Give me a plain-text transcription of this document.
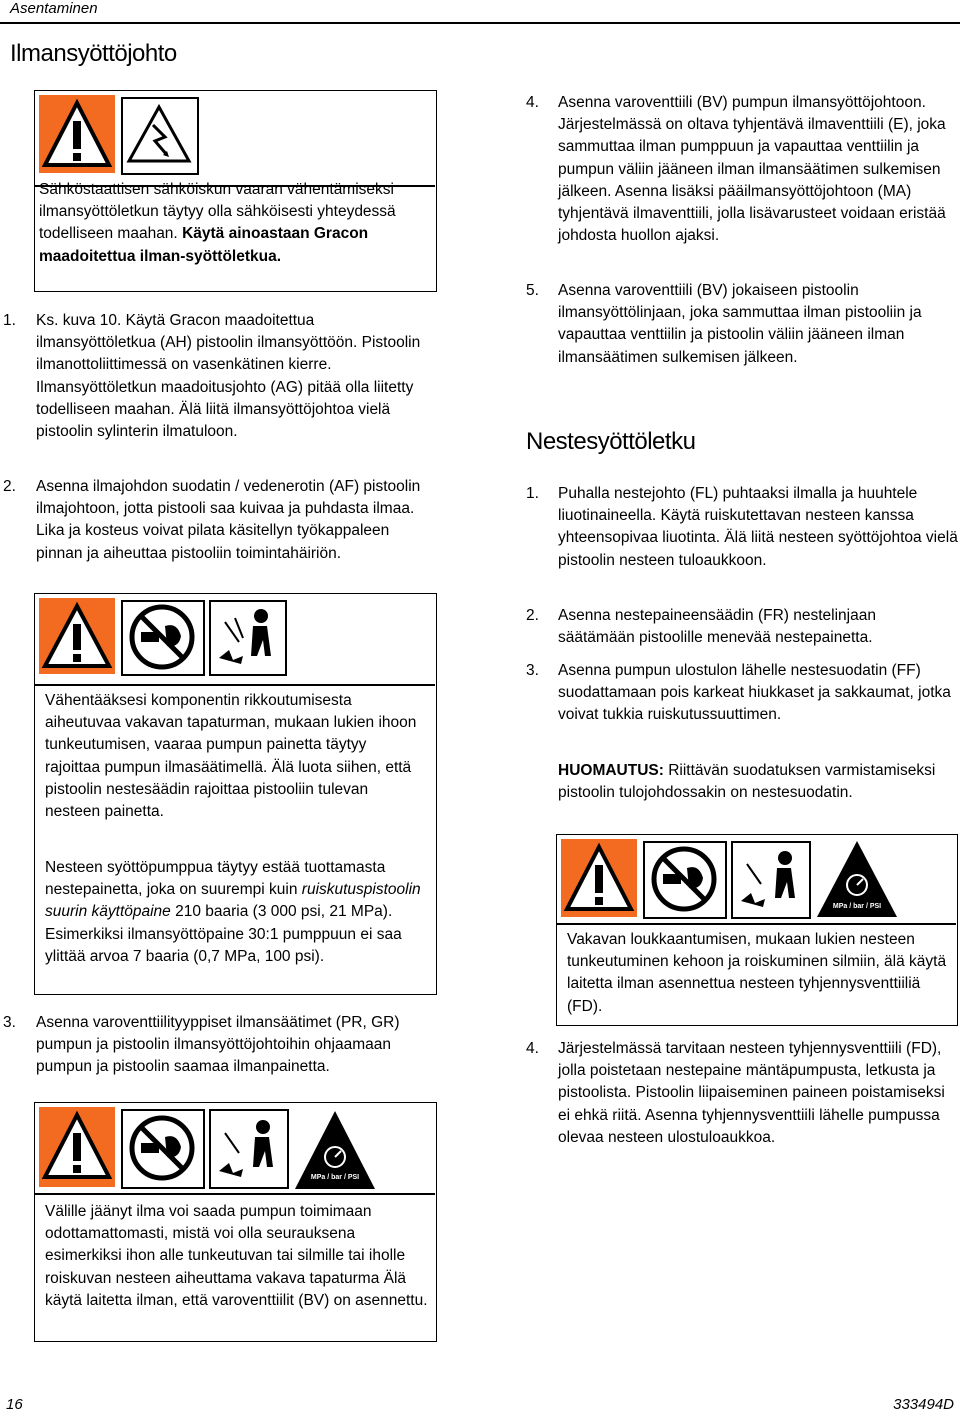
Asentaminen
Ilmansyöttöjohto
Sähköstaattisen sähköiskun vaaran vähentämiseksi ilmansyöttöletkun täytyy olla sähköisesti yhteydessä todelliseen maahan. Käytä ainoastaan Gracon maadoitettua ilman-syöttöletkua.
1. Ks. kuva 10. Käytä Gracon maadoitettua ilmansyöttöletkua (AH) pistoolin ilmansyöttöön. Pistoolin ilmanottoliittimessä on vasenkätinen kierre. Ilmansyöttöletkun maadoitusjohto (AG) pitää olla liitetty todelliseen maahan. Älä liitä ilmansyöttöjohtoa vielä pistoolin sylinterin ilmatuloon.
2. Asenna ilmajohdon suodatin / vedenerotin (AF) pistoolin ilmajohtoon, jotta pistooli saa kuivaa ja puhdasta ilmaa. Lika ja kosteus voivat pilata käsitellyn työkappaleen pinnan ja aiheuttaa pistooliin toimintahäiriön.
Vähentääksesi komponentin rikkoutumisesta aiheutuvaa vakavan tapaturman, mukaan lukien ihoon tunkeutumisen, vaaraa pumpun painetta täytyy rajoittaa pumpun ilmasäätimellä. Älä luota siihen, että pistoolin nestesäädin rajoittaa pistooliin tulevan nesteen painetta.
Nesteen syöttöpumppua täytyy estää tuottamasta nestepainetta, joka on suurempi kuin ruiskutuspistoolin suurin käyttöpaine 210 baaria (3 000 psi, 21 MPa). Esimerkiksi ilmansyöttöpaine 30:1 pumppuun ei saa ylittää arvoa 7 baaria (0,7 MPa, 100 psi).
3. Asenna varoventtiilityyppiset ilmansäätimet (PR, GR) pumpun ja pistoolin ilmansyöttöjohtoihin ohjaamaan pumpun ja pistoolin saamaa ilmanpainetta.
MPa / bar / PSI
Välille jäänyt ilma voi saada pumpun toimimaan odottamattomasti, mistä voi olla seurauksena esimerkiksi ihon alle tunkeutuvan tai silmille tai iholle roiskuvan nesteen aiheuttama vakava tapaturma Älä käytä laitetta ilman, että varoventtiilit (BV) on asennettu.
4. Asenna varoventtiili (BV) pumpun ilmansyöttöjohtoon. Järjestelmässä on oltava tyhjentävä ilmaventtiili (E), joka sammuttaa ilman pumppuun ja vapauttaa venttiilin ja pumpun väliin jääneen ilman ilmansäätimen sulkemisen jälkeen. Asenna lisäksi pääilmansyöttöjohtoon (MA) tyhjentävä ilmaventtiili, jolla lisävarusteet voidaan eristää johdosta huollon ajaksi.
5. Asenna varoventtiili (BV) jokaiseen pistoolin ilmansyöttölinjaan, joka sammuttaa ilman pistooliin ja vapauttaa venttiilin ja pistoolin väliin jääneen ilman ilmansäätimen sulkemisen jälkeen.
Nestesyöttöletku
1. Puhalla nestejohto (FL) puhtaaksi ilmalla ja huuhtele liuotinaineella. Käytä ruiskutettavan nesteen kanssa yhteensopivaa liuotinta. Älä liitä nesteen syöttöjohtoa vielä pistoolin nesteen tuloaukkoon.
2. Asenna nestepaineensäädin (FR) nestelinjaan säätämään pistoolille menevää nestepainetta.
3. Asenna pumpun ulostulon lähelle nestesuodatin (FF) suodattamaan pois karkeat hiukkaset ja sakkaumat, jotka voivat tukkia ruiskutussuuttimen.
HUOMAUTUS: Riittävän suodatuksen varmistamiseksi pistoolin tulojohdossakin on nestesuodatin.
MPa / bar / PSI
Vakavan loukkaantumisen, mukaan lukien nesteen tunkeutuminen kehoon ja roiskuminen silmiin, älä käytä laitetta ilman asennettua nesteen tyhjennysventtiiliä (FD).
4. Järjestelmässä tarvitaan nesteen tyhjennysventtiili (FD), jolla poistetaan nestepaine mäntäpumpusta, letkusta ja pistoolista. Pistoolin liipaiseminen paineen poistamiseksi ei ehkä riitä. Asenna tyhjennysventtiili lähelle pumpussa olevaa nesteen ulostuloaukkoa.
16	333494D
